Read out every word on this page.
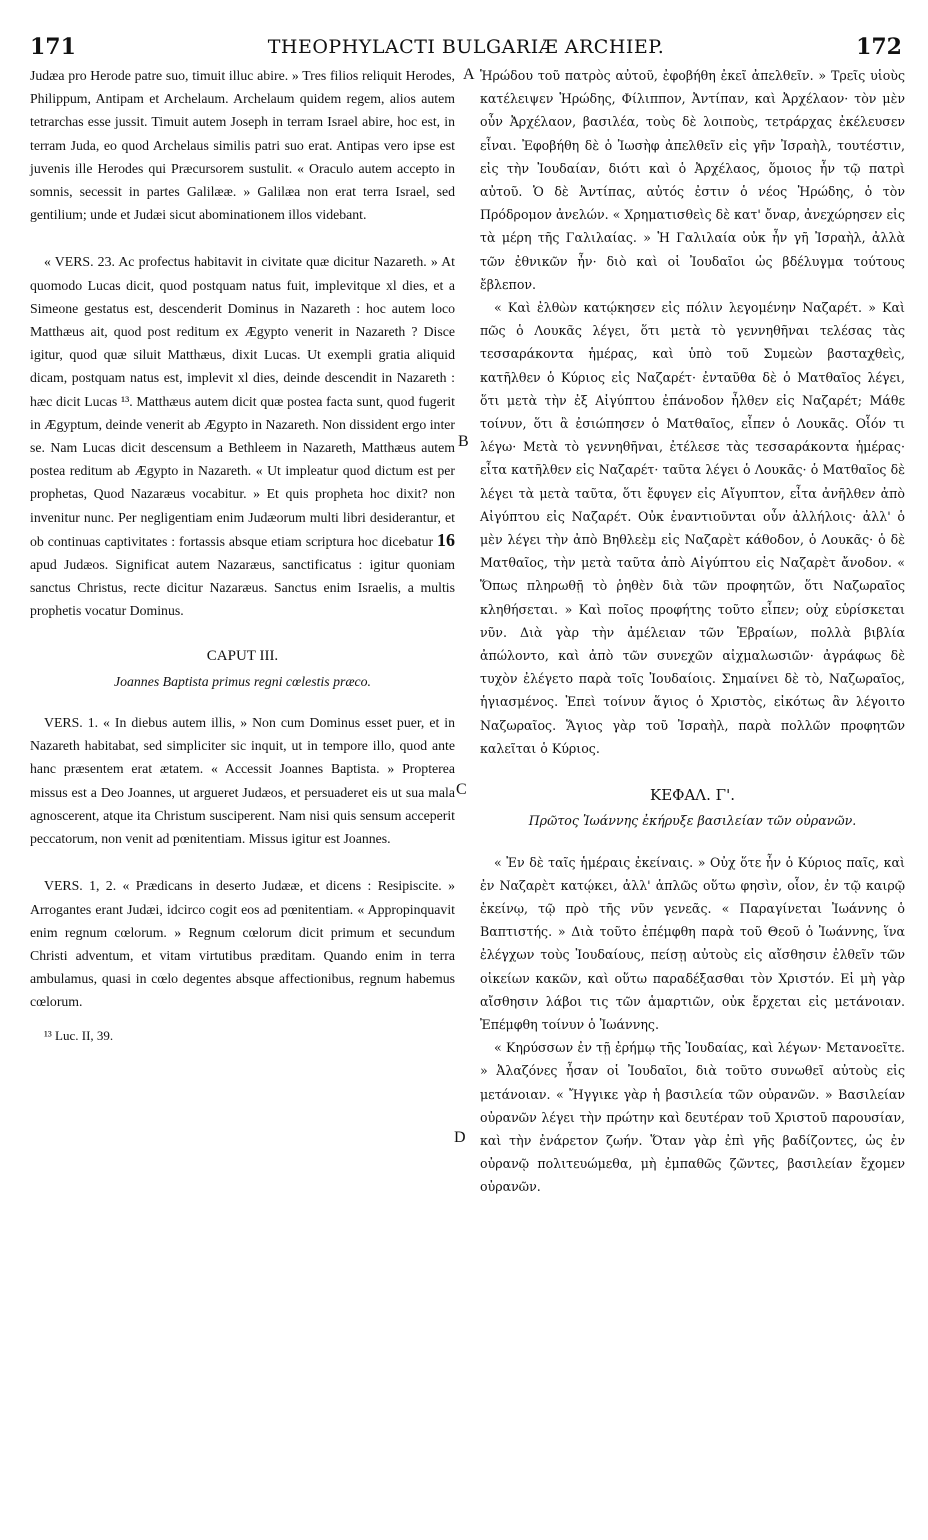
171	THEOPHYLACTI BULGARIÆ ARCHIEP.	172

Judæa pro Herode patre suo, timuit illuc abire. » Tres filios reliquit Herodes, Philippum, Antipam et Archelaum. Archelaum quidem regem, alios autem tetrarchas esse jussit. Timuit autem Joseph in terram Israel abire, hoc est, in terram Juda, eo quod Archelaus similis patri suo erat. Antipas vero ipse est juvenis ille Herodes qui Præcursorem sustulit. « Oraculo autem accepto in somnis, secessit in partes Galilææ. » Galilæa non erat terra Israel, sed gentilium; unde et Judæi sicut abominationem illos videbant.

« VERS. 23. Ac profectus habitavit in civitate quæ dicitur Nazareth. » At quomodo Lucas dicit, quod postquam natus fuit, implevitque xl dies, et a Simeone gestatus est, descenderit Dominus in Nazareth : hoc autem loco Matthæus ait, quod post reditum ex Ægypto venerit in Nazareth ? Disce igitur, quod quæ siluit Matthæus, dixit Lucas. Ut exempli gratia aliquid dicam, postquam natus est, implevit xl dies, deinde descendit in Nazareth : hæc dicit Lucas ¹³. Matthæus autem dicit quæ postea facta sunt, quod fugerit in Ægyptum, deinde venerit ab Ægypto in Nazareth. Non dissident ergo inter se. Nam Lucas dicit descensum a Bethleem in Nazareth, Matthæus autem postea reditum ab Ægypto in Nazareth. « Ut impleatur quod dictum est per prophetas, Quod Nazaræus vocabitur. » Et quis propheta hoc dixit? non invenitur nunc. Per negligentiam enim Judæorum multi libri desiderantur, et ob continuas captivitates : fortassis absque etiam scriptura hoc dicebatur 16 apud Judæos. Significat autem Nazaræus, sanctificatus : igitur quoniam sanctus Christus, recte dicitur Nazaræus. Sanctus enim Israelis, a multis prophetis vocatur Dominus.

CAPUT III.
Joannes Baptista primus regni cœlestis præco.

VERS. 1. « In diebus autem illis, » Non cum Dominus esset puer, et in Nazareth habitabat, sed simpliciter sic inquit, ut in tempore illo, quod ante hanc præsentem erat ætatem. « Accessit Joannes Baptista. » Propterea missus est a Deo Joannes, ut argueret Judæos, et persuaderet eis ut sua mala agnoscerent, atque ita Christum susciperent. Nam nisi quis sensum acceperit peccatorum, non venit ad pœnitentiam. Missus igitur est Joannes.

VERS. 1, 2. « Prædicans in deserto Judææ, et dicens : Resipiscite. » Arrogantes erant Judæi, idcirco cogit eos ad pœnitentiam. « Appropinquavit enim regnum cœlorum. » Regnum cœlorum dicit primum et secundum Christi adventum, et vitam virtutibus præditam. Quando enim in terra ambulamus, quasi in cœlo degentes absque affectionibus, regnum habemus cœlorum.

¹³ Luc. II, 39.

Ἡρώδου τοῦ πατρὸς αὐτοῦ, ἐφοβήθη ἐκεῖ ἀπελθεῖν. » Τρεῖς υἱοὺς κατέλειψεν Ἡρώδης, Φίλιππον, Ἀντίπαν, καὶ Ἀρχέλαον· τὸν μὲν οὖν Ἀρχέλαον, βασιλέα, τοὺς δὲ λοιποὺς, τετράρχας ἐκέλευσεν εἶναι. Ἐφοβήθη δὲ ὁ Ἰωσὴφ ἀπελθεῖν εἰς γῆν Ἰσραὴλ, τουτέστιν, εἰς τὴν Ἰουδαίαν, διότι καὶ ὁ Ἀρχέλαος, ὅμοιος ἦν τῷ πατρὶ αὐτοῦ. Ὁ δὲ Ἀντίπας, αὐτός ἐστιν ὁ νέος Ἡρώδης, ὁ τὸν Πρόδρομον ἀνελών. « Χρηματισθεὶς δὲ κατ' ὄναρ, ἀνεχώρησεν εἰς τὰ μέρη τῆς Γαλιλαίας. » Ἡ Γαλιλαία οὐκ ἦν γῆ Ἰσραὴλ, ἀλλὰ τῶν ἐθνικῶν ἦν· διὸ καὶ οἱ Ἰουδαῖοι ὡς βδέλυγμα τούτους ἔβλεπον.

« Καὶ ἐλθὼν κατῴκησεν εἰς πόλιν λεγομένην Ναζαρέτ. » Καὶ πῶς ὁ Λουκᾶς λέγει, ὅτι μετὰ τὸ γεννηθῆναι τελέσας τὰς τεσσαράκοντα ἡμέρας, καὶ ὑπὸ τοῦ Συμεὼν βασταχθεὶς, κατῆλθεν ὁ Κύριος εἰς Ναζαρέτ· ἐνταῦθα δὲ ὁ Ματθαῖος λέγει, ὅτι μετὰ τὴν ἐξ Αἰγύπτου ἐπάνοδον ἦλθεν εἰς Ναζαρέτ; Μάθε τοίνυν, ὅτι ἃ ἐσιώπησεν ὁ Ματθαῖος, εἶπεν ὁ Λουκᾶς. Οἷόν τι λέγω· Μετὰ τὸ γεννηθῆναι, ἐτέλεσε τὰς τεσσαράκοντα ἡμέρας· εἶτα κατῆλθεν εἰς Ναζαρέτ· ταῦτα λέγει ὁ Λουκᾶς· ὁ Ματθαῖος δὲ λέγει τὰ μετὰ ταῦτα, ὅτι ἔφυγεν εἰς Αἴγυπτον, εἶτα ἀνῆλθεν ἀπὸ Αἰγύπτου εἰς Ναζαρέτ. Οὐκ ἐναντιοῦνται οὖν ἀλλήλοις· ἀλλ' ὁ μὲν λέγει τὴν ἀπὸ Βηθλεὲμ εἰς Ναζαρὲτ κάθοδον, ὁ Λουκᾶς· ὁ δὲ Ματθαῖος, τὴν μετὰ ταῦτα ἀπὸ Αἰγύπτου εἰς Ναζαρὲτ ἄνοδον. « Ὅπως πληρωθῇ τὸ ῥηθὲν διὰ τῶν προφητῶν, ὅτι Ναζωραῖος κληθήσεται. » Καὶ ποῖος προφήτης τοῦτο εἶπεν; οὐχ εὑρίσκεται νῦν. Διὰ γὰρ τὴν ἀμέλειαν τῶν Ἑβραίων, πολλὰ βιβλία ἀπώλοντο, καὶ ἀπὸ τῶν συνεχῶν αἰχμαλωσιῶν· ἀγράφως δὲ τυχὸν ἐλέγετο παρὰ τοῖς Ἰουδαίοις. Σημαίνει δὲ τὸ, Ναζωραῖος, ἡγιασμένος. Ἐπεὶ τοίνυν ἅγιος ὁ Χριστὸς, εἰκότως ἂν λέγοιτο Ναζωραῖος. Ἅγιος γὰρ τοῦ Ἰσραὴλ, παρὰ πολλῶν προφητῶν καλεῖται ὁ Κύριος.

ΚΕΦΑΛ. Γ'.
Πρῶτος Ἰωάννης ἐκήρυξε βασιλείαν τῶν οὐρανῶν.

« Ἐν δὲ ταῖς ἡμέραις ἐκείναις. » Οὐχ ὅτε ἦν ὁ Κύριος παῖς, καὶ ἐν Ναζαρὲτ κατῴκει, ἀλλ' ἁπλῶς οὕτω φησὶν, οἷον, ἐν τῷ καιρῷ ἐκείνῳ, τῷ πρὸ τῆς νῦν γενεᾶς. « Παραγίνεται Ἰωάννης ὁ Βαπτιστής. » Διὰ τοῦτο ἐπέμφθη παρὰ τοῦ Θεοῦ ὁ Ἰωάννης, ἵνα ἐλέγχων τοὺς Ἰουδαίους, πείσῃ αὐτοὺς εἰς αἴσθησιν ἐλθεῖν τῶν οἰκείων κακῶν, καὶ οὕτω παραδέξασθαι τὸν Χριστόν. Εἰ μὴ γὰρ αἴσθησιν λάβοι τις τῶν ἁμαρτιῶν, οὐκ ἔρχεται εἰς μετάνοιαν. Ἐπέμφθη τοίνυν ὁ Ἰωάννης.

« Κηρύσσων ἐν τῇ ἐρήμῳ τῆς Ἰουδαίας, καὶ λέγων· Μετανοεῖτε. » Ἀλαζόνες ἦσαν οἱ Ἰουδαῖοι, διὰ τοῦτο συνωθεῖ αὐτοὺς εἰς μετάνοιαν. « Ἤγγικε γὰρ ἡ βασιλεία τῶν οὐρανῶν. » Βασιλείαν οὐρανῶν λέγει τὴν πρώτην καὶ δευτέραν τοῦ Χριστοῦ παρουσίαν, καὶ τὴν ἐνάρετον ζωήν. Ὅταν γὰρ ἐπὶ γῆς βαδίζοντες, ὡς ἐν οὐρανῷ πολιτευώμεθα, μὴ ἐμπαθῶς ζῶντες, βασιλείαν ἔχομεν οὐρανῶν.

A
B
C
D
